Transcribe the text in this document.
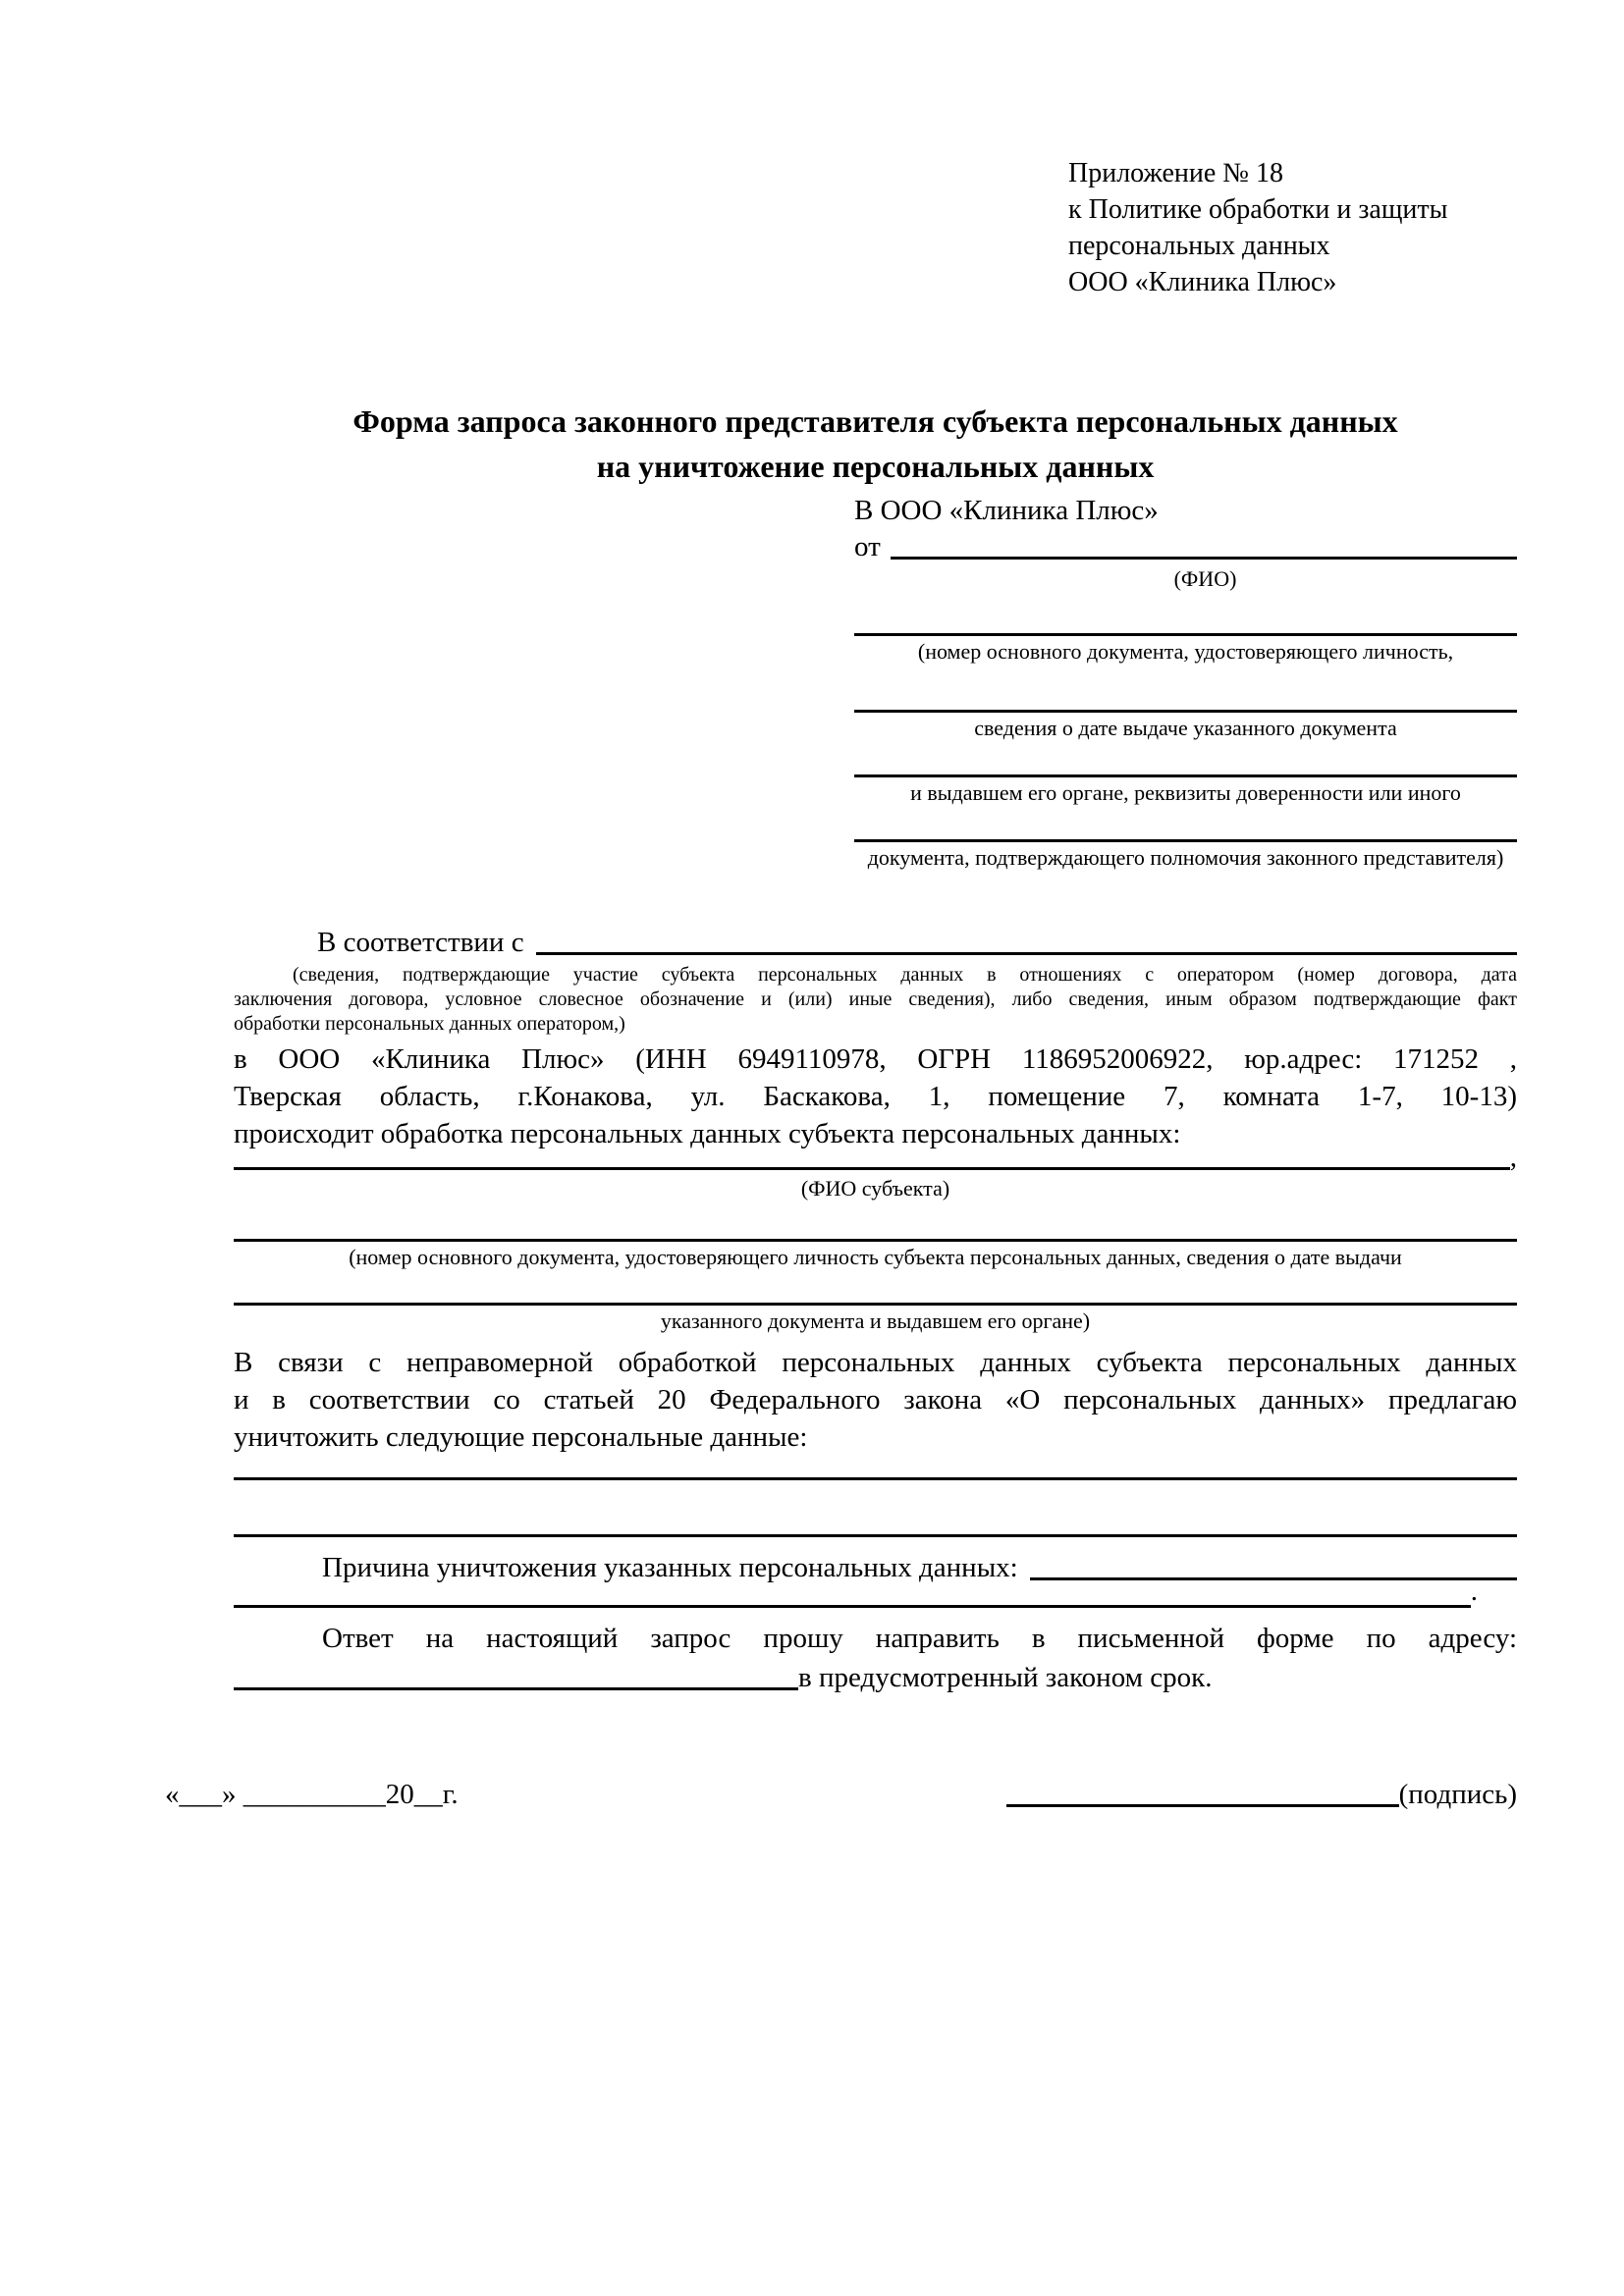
Приложение № 18
к Политике обработки и защиты
персональных данных
ООО «Клиника Плюс»
Форма запроса законного представителя субъекта персональных данных
на уничтожение персональных данных
В ООО «Клиника Плюс»
от
(ФИО)
(номер основного документа, удостоверяющего личность,
сведения о дате выдаче указанного документа
и выдавшем его органе, реквизиты доверенности или иного
документа, подтверждающего полномочия законного представителя)
В соответствии с
(сведения, подтверждающие участие субъекта персональных данных в отношениях с оператором (номер договора, дата
заключения договора, условное словесное обозначение и (или) иные сведения), либо сведения, иным образом подтверждающие факт
обработки персональных данных оператором,)
в ООО «Клиника Плюс» (ИНН 6949110978, ОГРН 1186952006922, юр.адрес: 171252 ,
Тверская область, г.Конакова, ул. Баскакова, 1, помещение 7, комната 1-7, 10-13)
происходит обработка персональных данных субъекта персональных данных:
,
(ФИО субъекта)
(номер основного документа, удостоверяющего личность субъекта персональных данных, сведения о дате выдачи
указанного документа и выдавшем его органе)
В связи с неправомерной обработкой персональных данных субъекта персональных данных
и в соответствии со статьей 20 Федерального закона «О персональных данных» предлагаю
уничтожить следующие персональные данные:
Причина уничтожения указанных персональных данных:
.
Ответ на настоящий запрос прошу направить в письменной форме по адресу:
в предусмотренный законом срок.
«___» __________20__г.	(подпись)
